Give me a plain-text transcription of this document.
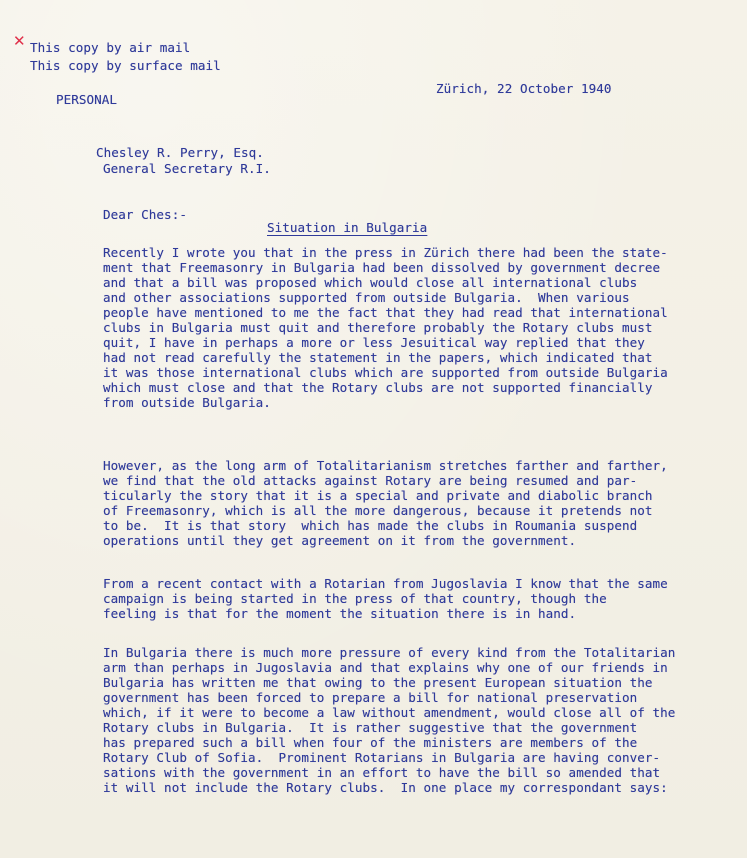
✕ This copy by air mail
This copy by surface mail
PERSONAL
Zürich, 22 October 1940
Chesley R. Perry, Esq.
General Secretary R.I.
Dear Ches:-
Situation in Bulgaria
Recently I wrote you that in the press in Zürich there had been the state-
ment that Freemasonry in Bulgaria had been dissolved by government decree
and that a bill was proposed which would close all international clubs
and other associations supported from outside Bulgaria.  When various
people have mentioned to me the fact that they had read that international
clubs in Bulgaria must quit and therefore probably the Rotary clubs must
quit, I have in perhaps a more or less Jesuitical way replied that they
had not read carefully the statement in the papers, which indicated that
it was those international clubs which are supported from outside Bulgaria
which must close and that the Rotary clubs are not supported financially
from outside Bulgaria.
However, as the long arm of Totalitarianism stretches farther and farther,
we find that the old attacks against Rotary are being resumed and par-
ticularly the story that it is a special and private and diabolic branch
of Freemasonry, which is all the more dangerous, because it pretends not
to be.  It is that story  which has made the clubs in Roumania suspend
operations until they get agreement on it from the government.
From a recent contact with a Rotarian from Jugoslavia I know that the same
campaign is being started in the press of that country, though the
feeling is that for the moment the situation there is in hand.
In Bulgaria there is much more pressure of every kind from the Totalitarian
arm than perhaps in Jugoslavia and that explains why one of our friends in
Bulgaria has written me that owing to the present European situation the
government has been forced to prepare a bill for national preservation
which, if it were to become a law without amendment, would close all of the
Rotary clubs in Bulgaria.  It is rather suggestive that the government
has prepared such a bill when four of the ministers are members of the
Rotary Club of Sofia.  Prominent Rotarians in Bulgaria are having conver-
sations with the government in an effort to have the bill so amended that
it will not include the Rotary clubs.  In one place my correspondant says:
